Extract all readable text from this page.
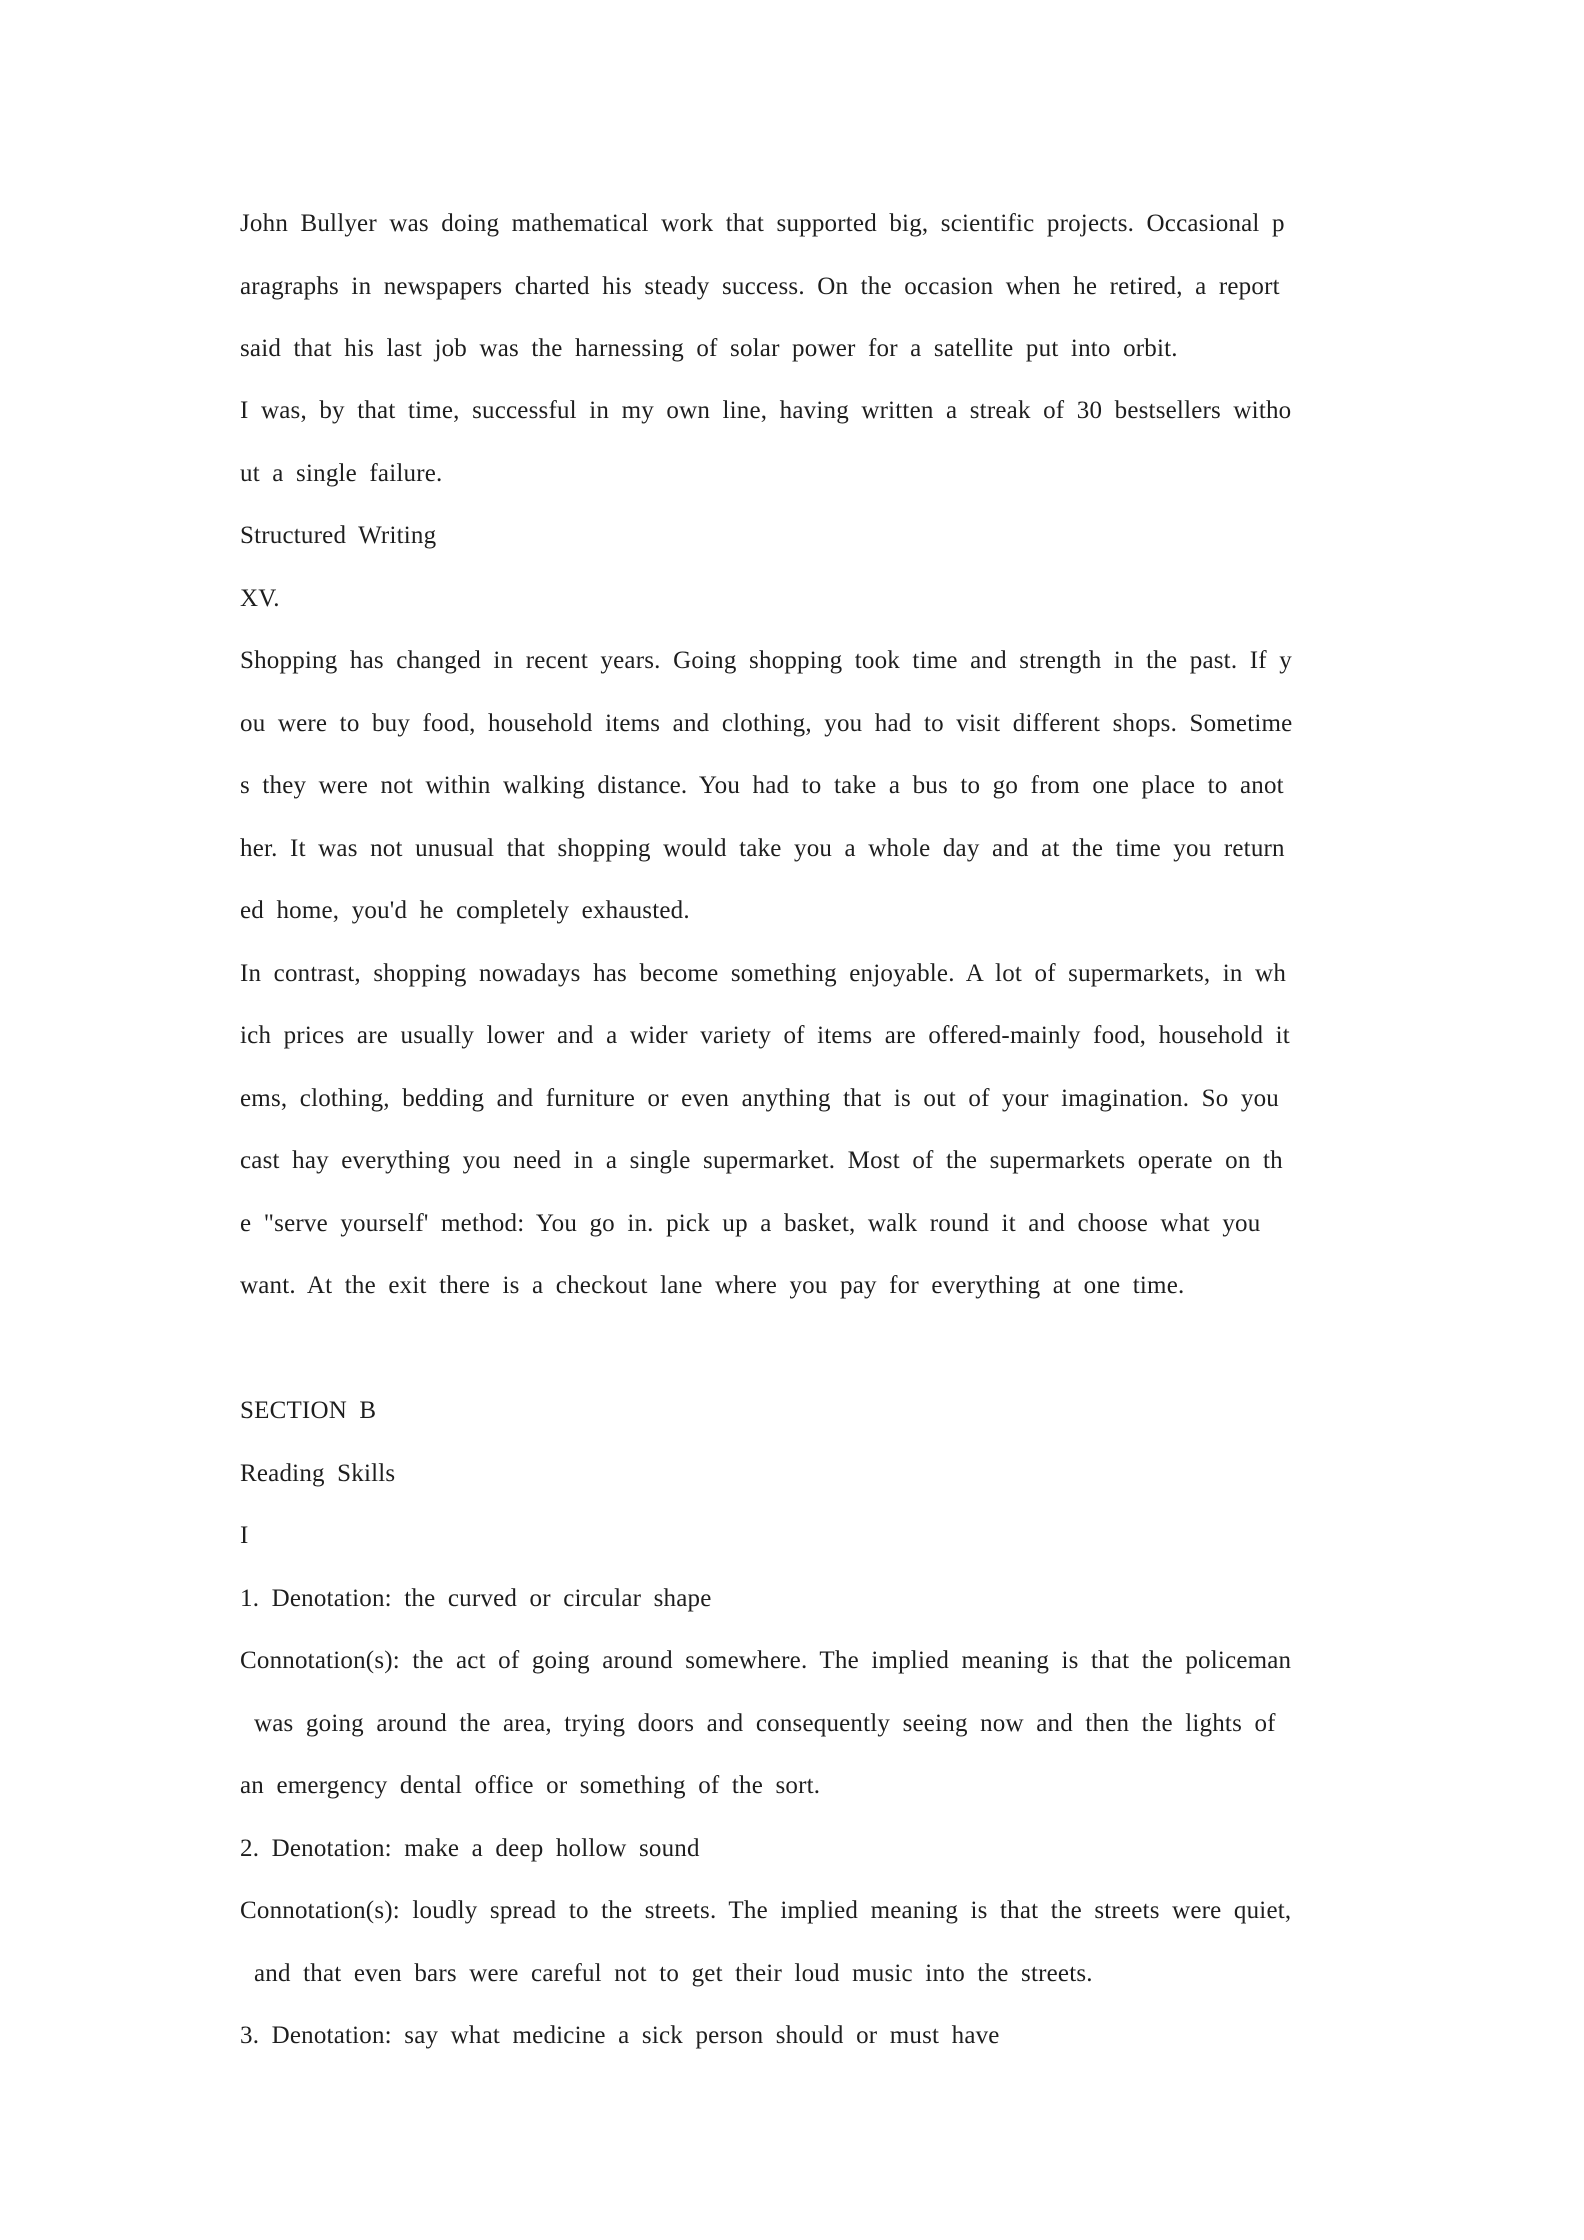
John Bullyer was doing mathematical work that supported big, scientific projects. Occasional p
aragraphs in newspapers charted his steady success. On the occasion when he retired, a report
said that his last job was the harnessing of solar power for a satellite put into orbit.
I was, by that time, successful in my own line, having written a streak of 30 bestsellers witho
ut a single failure.
Structured Writing
XV.
Shopping has changed in recent years. Going shopping took time and strength in the past. If y
ou were to buy food, household items and clothing, you had to visit different shops. Sometime
s they were not within walking distance. You had to take a bus to go from one place to anot
her. It was not unusual that shopping would take you a whole day and at the time you return
ed home, you'd he completely exhausted.
In contrast, shopping nowadays has become something enjoyable. A lot of supermarkets, in wh
ich prices are usually lower and a wider variety of items are offered-mainly food, household it
ems, clothing, bedding and furniture or even anything that is out of your imagination. So you
cast hay everything you need in a single supermarket. Most of the supermarkets operate on th
e "serve yourself' method: You go in. pick up a basket, walk round it and choose what you
want. At the exit there is a checkout lane where you pay for everything at one time.
SECTION B
Reading Skills
I
1. Denotation: the curved or circular shape
Connotation(s): the act of going around somewhere. The implied meaning is that the policeman
was going around the area, trying doors and consequently seeing now and then the lights of
an emergency dental office or something of the sort.
2. Denotation: make a deep hollow sound
Connotation(s): loudly spread to the streets. The implied meaning is that the streets were quiet,
and that even bars were careful not to get their loud music into the streets.
3. Denotation: say what medicine a sick person should or must have
